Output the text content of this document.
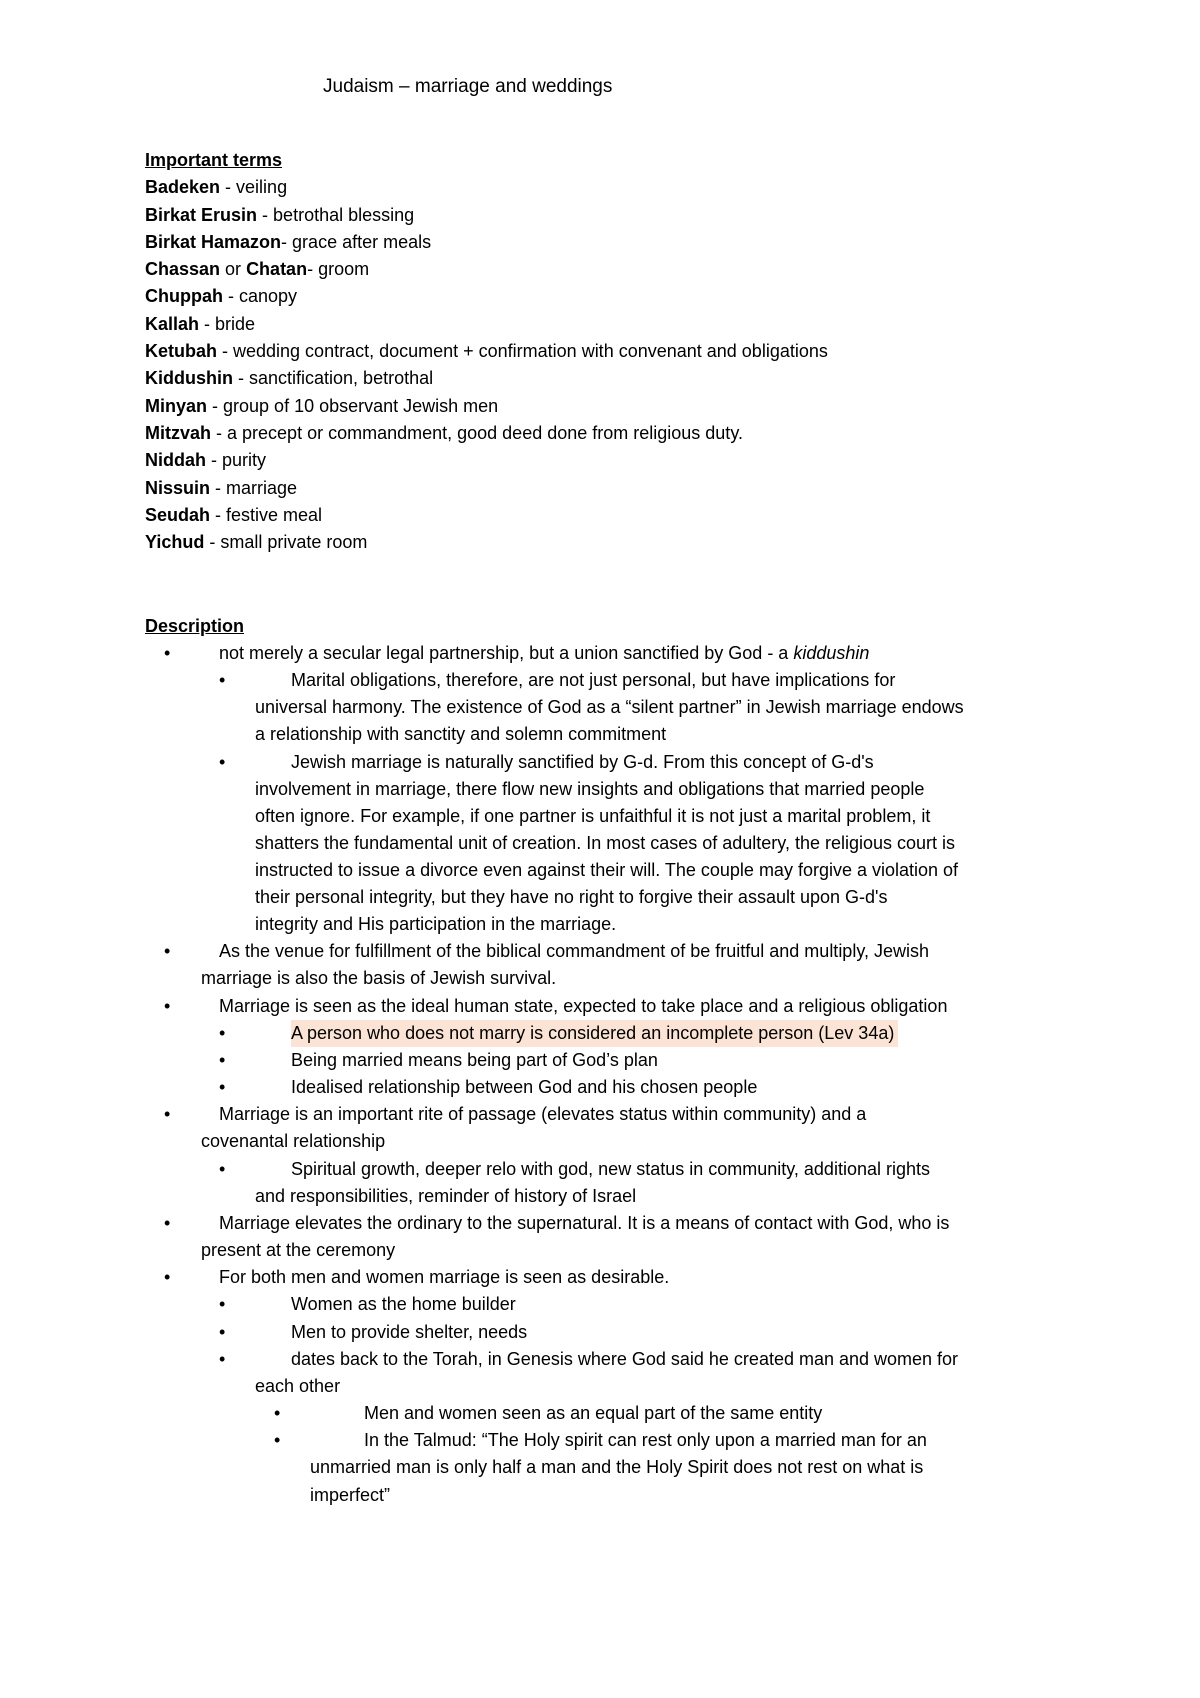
Judaism – marriage and weddings
Important terms
Badeken - veiling
Birkat Erusin - betrothal blessing
Birkat Hamazon- grace after meals
Chassan or Chatan- groom
Chuppah - canopy
Kallah - bride
Ketubah - wedding contract, document + confirmation with convenant and obligations
Kiddushin - sanctification, betrothal
Minyan - group of 10 observant Jewish men
Mitzvah - a precept or commandment, good deed done from religious duty.
Niddah - purity
Nissuin - marriage
Seudah - festive meal
Yichud - small private room
Description
•	not merely a secular legal partnership, but a union sanctified by God - a kiddushin
•	Marital obligations, therefore, are not just personal, but have implications for
universal harmony. The existence of God as a “silent partner” in Jewish marriage endows
a relationship with sanctity and solemn commitment
•	Jewish marriage is naturally sanctified by G-d. From this concept of G-d's
involvement in marriage, there flow new insights and obligations that married people
often ignore. For example, if one partner is unfaithful it is not just a marital problem, it
shatters the fundamental unit of creation. In most cases of adultery, the religious court is
instructed to issue a divorce even against their will. The couple may forgive a violation of
their personal integrity, but they have no right to forgive their assault upon G-d's
integrity and His participation in the marriage.
•	As the venue for fulfillment of the biblical commandment of be fruitful and multiply, Jewish
marriage is also the basis of Jewish survival.
•	Marriage is seen as the ideal human state, expected to take place and a religious obligation
•	A person who does not marry is considered an incomplete person (Lev 34a)
•	Being married means being part of God’s plan
•	Idealised relationship between God and his chosen people
•	Marriage is an important rite of passage (elevates status within community) and a
covenantal relationship
•	Spiritual growth, deeper relo with god, new status in community, additional rights
and responsibilities, reminder of history of Israel
•	Marriage elevates the ordinary to the supernatural. It is a means of contact with God, who is
present at the ceremony
•	For both men and women marriage is seen as desirable.
•	Women as the home builder
•	Men to provide shelter, needs
•	dates back to the Torah, in Genesis where God said he created man and women for
each other
•	Men and women seen as an equal part of the same entity
•	In the Talmud: “The Holy spirit can rest only upon a married man for an
unmarried man is only half a man and the Holy Spirit does not rest on what is
imperfect”
